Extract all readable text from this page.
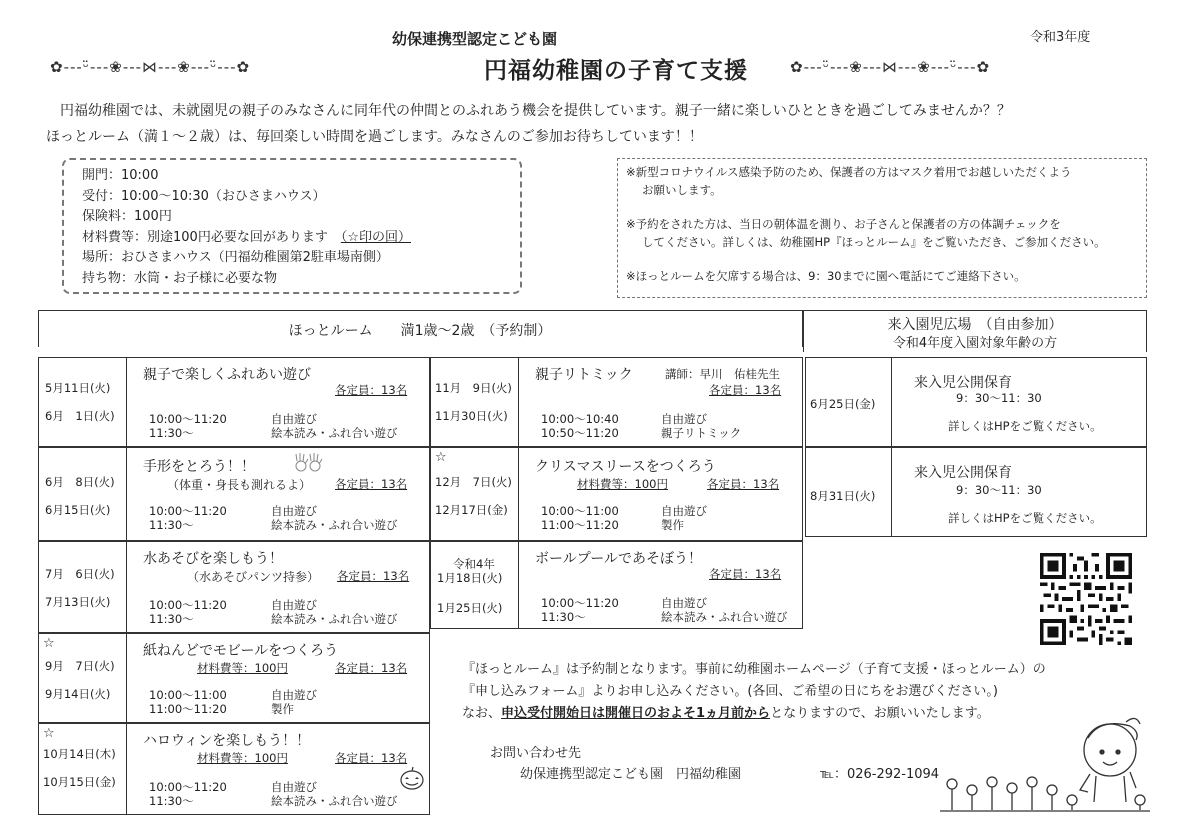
幼保連携型認定こども園	令和3年度
円福幼稚園の子育て支援
✿‐‐‐ᵕ̈‐‐‐❀‐‐‐⋈‐‐‐❀‐‐‐ᵕ̈‐‐‐✿	✿‐‐‐ᵕ̈‐‐‐❀‐‐‐⋈‐‐‐❀‐‐‐ᵕ̈‐‐‐✿

円福幼稚園では、未就園児の親子のみなさんに同年代の仲間とのふれあう機会を提供しています。親子一緒に楽しいひとときを過ごしてみませんか？？

ほっとルーム（満１～２歳）は、毎回楽しい時間を過ごします。みなさんのご参加お待ちしています！！

開門：10:00

受付：10:00～10:30（おひさまハウス）

保険料：100円

材料費等：別途100円必要な回があります　 （☆印の回）

場所：おひさまハウス（円福幼稚園第2駐車場南側）

持ち物：水筒・お子様に必要な物

※新型コロナウイルス感染予防のため、保護者の方はマスク着用でお越しいただくよう

お願いします。

※予約をされた方は、当日の朝体温を測り、お子さんと保護者の方の体調チェックを

してください。詳しくは、幼稚園HP『ほっとルーム』をご覧いただき、ご参加ください。

※ほっとルームを欠席する場合は、9：30までに園へ電話にてご連絡下さい。

ほっとルーム　　満1歳～2歳　（予約制）	来入園児広場　（自由参加）
令和4年度入園対象年齢の方
5月11日(火)
6月　1日(火)
親子で楽しくふれあい遊び
各定員：13名
10:00～11:20	自由遊び
11:30～	絵本読み・ふれ合い遊び
6月　8日(火)
6月15日(火)
手形をとろう！！
（体重・身長も測れるよ） 各定員：13名
10:00～11:20	自由遊び
11:30～	絵本読み・ふれ合い遊び
7月　6日(火)
7月13日(火)
水あそびを楽しもう！
（水あそびパンツ持参） 各定員：13名
10:00～11:20	自由遊び
11:30～	絵本読み・ふれ合い遊び
☆
9月　7日(火)
9月14日(火)
紙ねんどでモビールをつくろう
材料費等：100円	各定員：13名
10:00～11:00	自由遊び
11:00～11:20	製作
☆
10月14日(木)
10月15日(金)
ハロウィンを楽しもう！！
材料費等：100円	各定員：13名
10:00～11:20	自由遊び
11:30～	絵本読み・ふれ合い遊び
11月　9日(火)
11月30日(火)
親子リトミック	講師：早川　佑桂先生
各定員：13名
10:00～10:40	自由遊び
10:50～11:20	親子リトミック
☆
12月　7日(火)
12月17日(金)
クリスマスリースをつくろう
材料費等：100円	各定員：13名
10:00～11:00	自由遊び
11:00～11:20	製作
令和4年
1月18日(火)
1月25日(火)
ボールプールであそぼう！
各定員：13名
10:00～11:20	自由遊び
11:30～	絵本読み・ふれ合い遊び
6月25日(金)
来入児公開保育
9：30～11：30
詳しくはHPをご覧ください。
8月31日(火)
来入児公開保育
9：30～11：30
詳しくはHPをご覧ください。
『ほっとルーム』は予約制となります。事前に幼稚園ホームページ（子育て支援・ほっとルーム）の
『申し込みフォーム』よりお申し込みください。(各回、ご希望の日にちをお選びください。)
なお、申込受付開始日は開催日のおよそ1ヵ月前からとなりますので、お願いいたします。
お問い合わせ先
幼保連携型認定こども園　円福幼稚園	℡：026-292-1094
